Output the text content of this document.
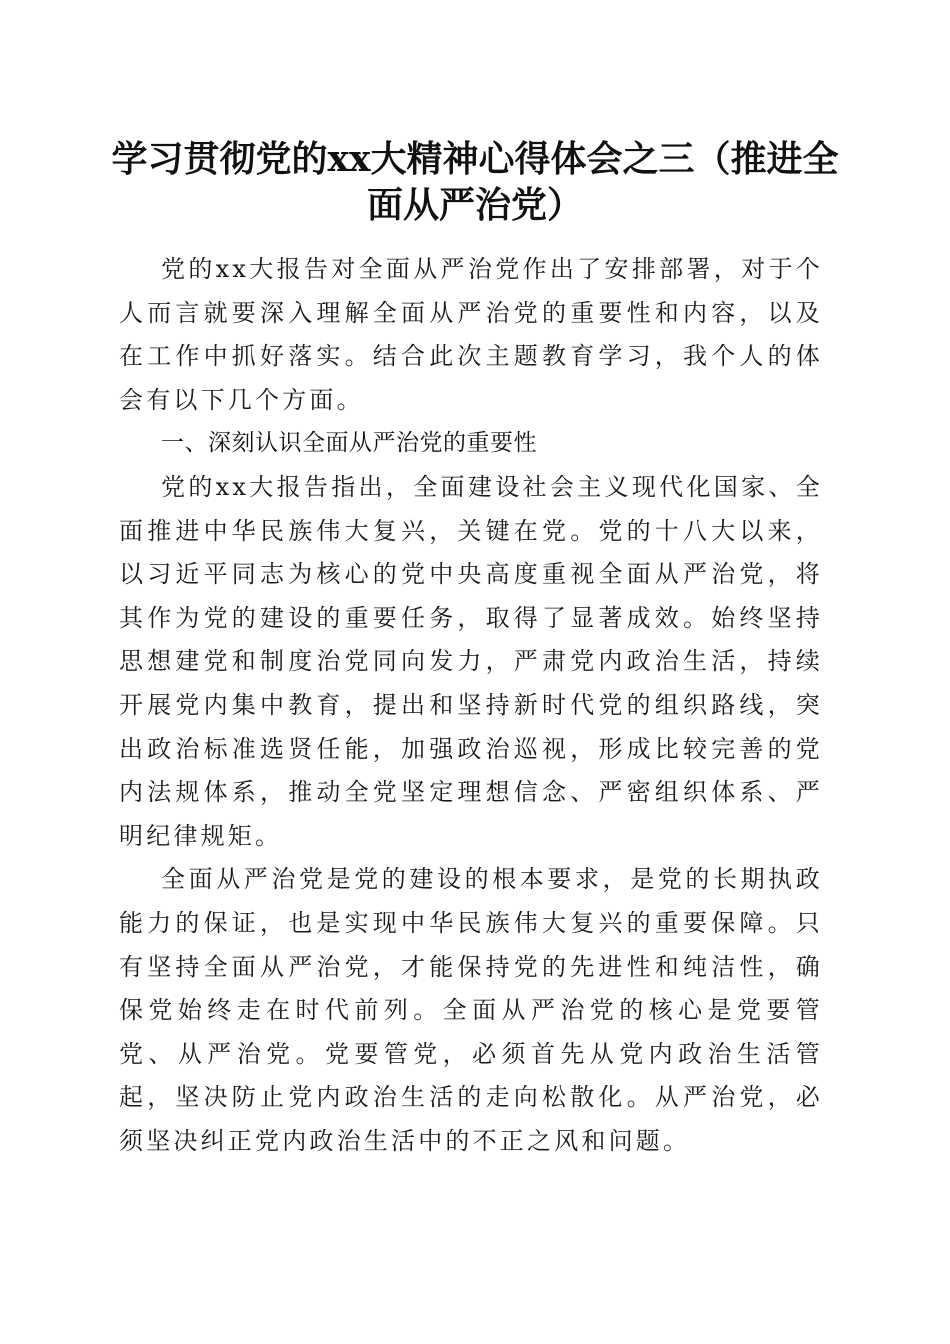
学习贯彻党的xx大精神心得体会之三（推进全面从严治党）

党的xx大报告对全面从严治党作出了安排部署，对于个人而言就要深入理解全面从严治党的重要性和内容，以及在工作中抓好落实。结合此次主题教育学习，我个人的体会有以下几个方面。

一、深刻认识全面从严治党的重要性

党的xx大报告指出，全面建设社会主义现代化国家、全面推进中华民族伟大复兴，关键在党。党的十八大以来，以习近平同志为核心的党中央高度重视全面从严治党，将其作为党的建设的重要任务，取得了显著成效。始终坚持思想建党和制度治党同向发力，严肃党内政治生活，持续开展党内集中教育，提出和坚持新时代党的组织路线，突出政治标准选贤任能，加强政治巡视，形成比较完善的党内法规体系，推动全党坚定理想信念、严密组织体系、严明纪律规矩。

全面从严治党是党的建设的根本要求，是党的长期执政能力的保证，也是实现中华民族伟大复兴的重要保障。只有坚持全面从严治党，才能保持党的先进性和纯洁性，确保党始终走在时代前列。全面从严治党的核心是党要管党、从严治党。党要管党，必须首先从党内政治生活管起，坚决防止党内政治生活的走向松散化。从严治党，必须坚决纠正党内政治生活中的不正之风和问题。
